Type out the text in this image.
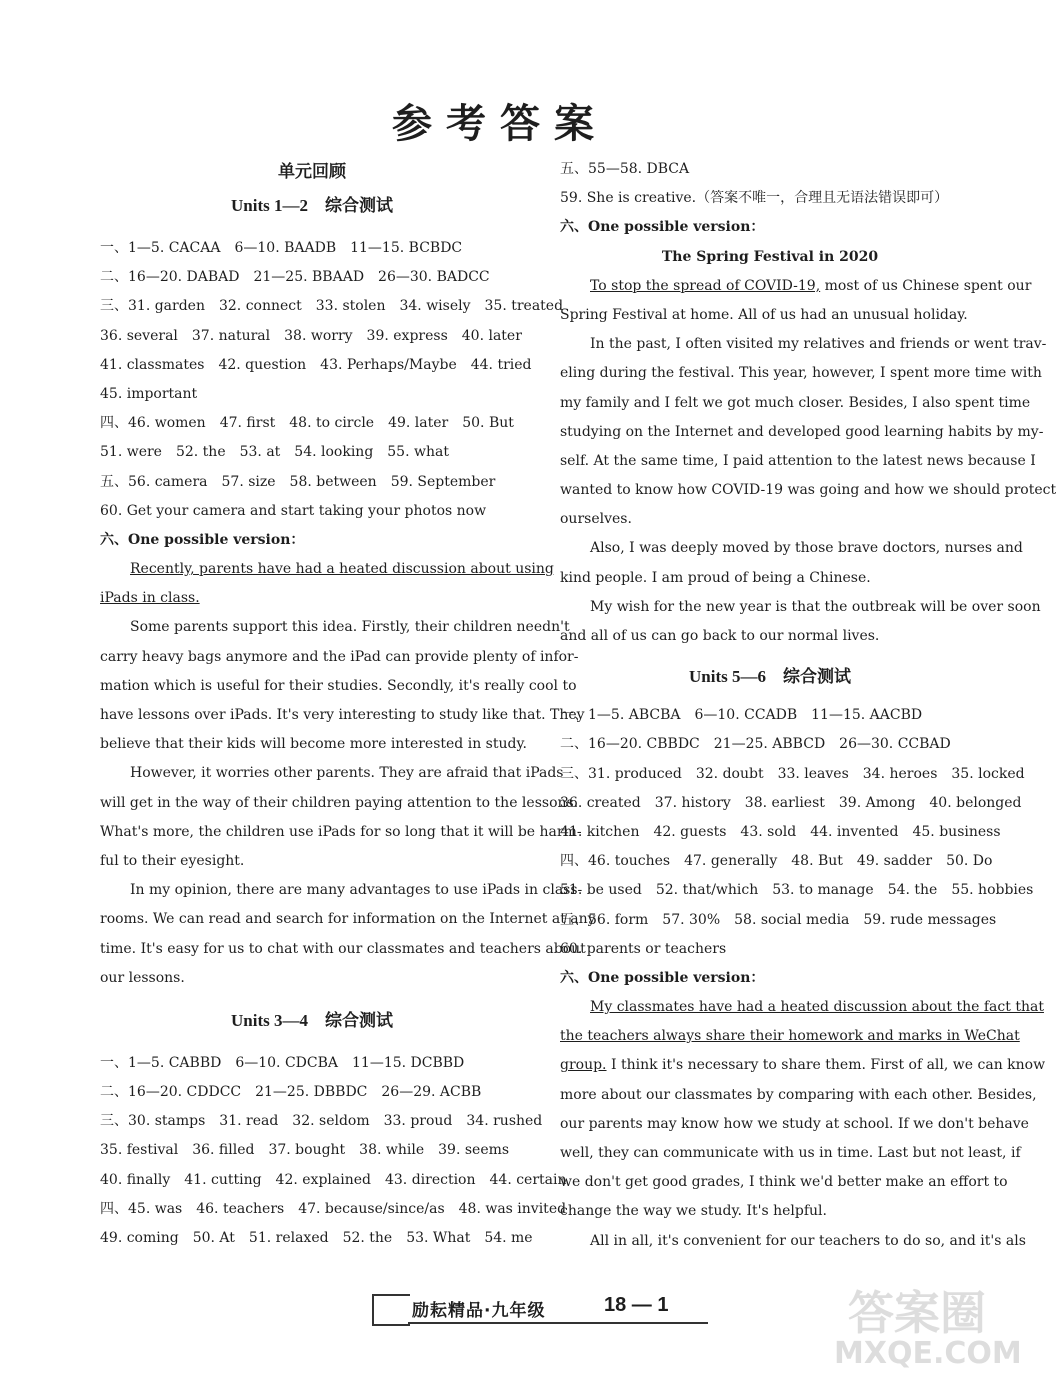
参考答案
单元回顾
Units 1—2　综合测试
一、1—5. CACAA　6—10. BAADB　11—15. BCBDC
二、16—20. DABAD　21—25. BBAAD　26—30. BADCC
三、31. garden　32. connect　33. stolen　34. wisely　35. treated
36. several　37. natural　38. worry　39. express　40. later
41. classmates　42. question　43. Perhaps/Maybe　44. tried
45. important
四、46. women　47. first　48. to circle　49. later　50. But
51. were　52. the　53. at　54. looking　55. what
五、56. camera　57. size　58. between　59. September
60. Get your camera and start taking your photos now
六、One possible version：
Recently, parents have had a heated discussion about using
iPads in class.
Some parents support this idea. Firstly, their children needn't
carry heavy bags anymore and the iPad can provide plenty of infor-
mation which is useful for their studies. Secondly, it's really cool to
have lessons over iPads. It's very interesting to study like that. They
believe that their kids will become more interested in study.
However, it worries other parents. They are afraid that iPads
will get in the way of their children paying attention to the lessons.
What's more, the children use iPads for so long that it will be harm-
ful to their eyesight.
In my opinion, there are many advantages to use iPads in class-
rooms. We can read and search for information on the Internet at any
time. It's easy for us to chat with our classmates and teachers about
our lessons.
Units 3—4　综合测试
一、1—5. CABBD　6—10. CDCBA　11—15. DCBBD
二、16—20. CDDCC　21—25. DBBDC　26—29. ACBB
三、30. stamps　31. read　32. seldom　33. proud　34. rushed
35. festival　36. filled　37. bought　38. while　39. seems
40. finally　41. cutting　42. explained　43. direction　44. certain
四、45. was　46. teachers　47. because/since/as　48. was invited
49. coming　50. At　51. relaxed　52. the　53. What　54. me
五、55—58. DBCA
59. She is creative.（答案不唯一，合理且无语法错误即可）
六、One possible version：
The Spring Festival in 2020
To stop the spread of COVID-19, most of us Chinese spent our
Spring Festival at home. All of us had an unusual holiday.
In the past, I often visited my relatives and friends or went trav-
eling during the festival. This year, however, I spent more time with
my family and I felt we got much closer. Besides, I also spent time
studying on the Internet and developed good learning habits by my-
self. At the same time, I paid attention to the latest news because I
wanted to know how COVID-19 was going and how we should protect
ourselves.
Also, I was deeply moved by those brave doctors, nurses and
kind people. I am proud of being a Chinese.
My wish for the new year is that the outbreak will be over soon
and all of us can go back to our normal lives.
Units 5—6　综合测试
一、1—5. ABCBA　6—10. CCADB　11—15. AACBD
二、16—20. CBBDC　21—25. ABBCD　26—30. CCBAD
三、31. produced　32. doubt　33. leaves　34. heroes　35. locked
36. created　37. history　38. earliest　39. Among　40. belonged
41. kitchen　42. guests　43. sold　44. invented　45. business
四、46. touches　47. generally　48. But　49. sadder　50. Do
51. be used　52. that/which　53. to manage　54. the　55. hobbies
五、56. form　57. 30%　58. social media　59. rude messages
60. parents or teachers
六、One possible version：
My classmates have had a heated discussion about the fact that
the teachers always share their homework and marks in WeChat
group. I think it's necessary to share them. First of all, we can know
more about our classmates by comparing with each other. Besides,
our parents may know how we study at school. If we don't behave
well, they can communicate with us in time. Last but not least, if
we don't get good grades, I think we'd better make an effort to
change the way we study. It's helpful.
All in all, it's convenient for our teachers to do so, and it's als
励耘精品·九年级	18 — 1	答案圈
MXQE.COM
